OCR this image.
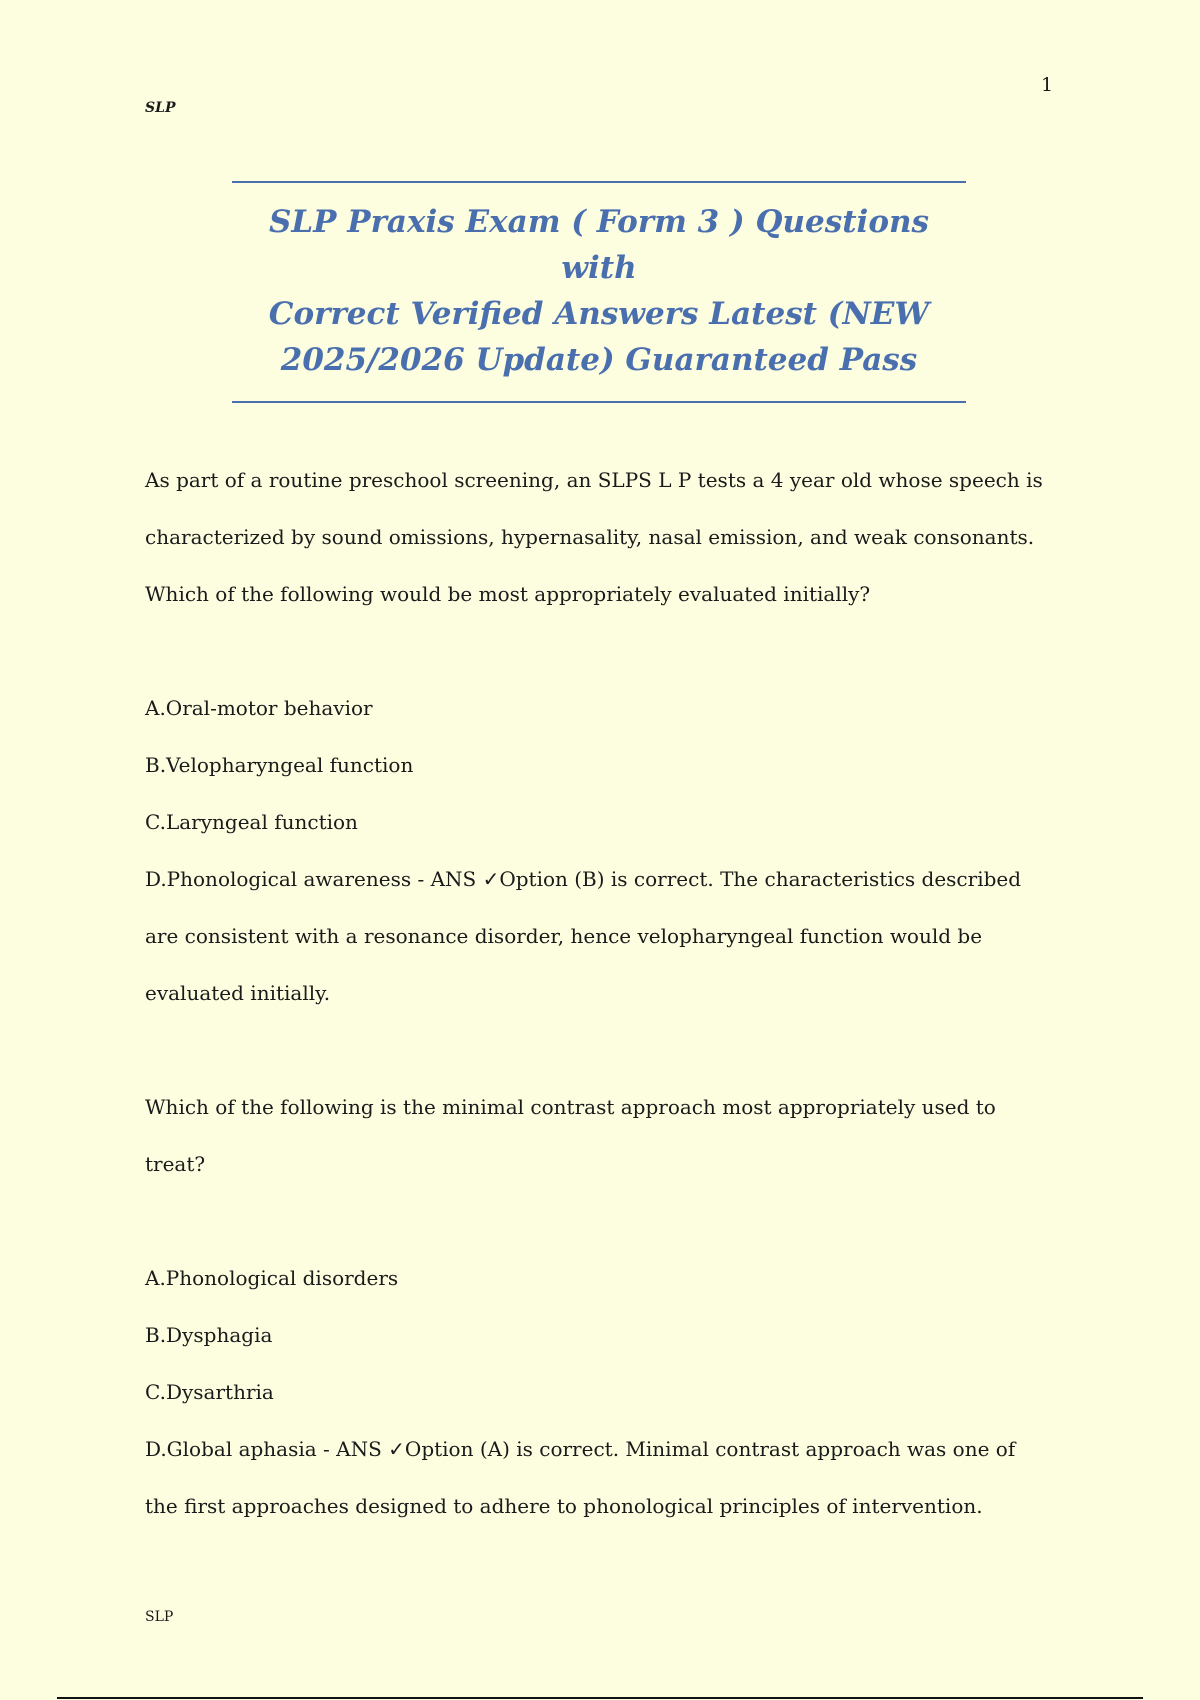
1
SLP

SLP Praxis Exam ( Form 3 ) Questions with
Correct Verified Answers Latest (NEW
2025/2026 Update) Guaranteed Pass

As part of a routine preschool screening, an SLPS L P tests a 4 year old whose speech is

characterized by sound omissions, hypernasality, nasal emission, and weak consonants.

Which of the following would be most appropriately evaluated initially?

A.Oral-motor behavior

B.Velopharyngeal function

C.Laryngeal function

D.Phonological awareness - ANS ✓Option (B) is correct. The characteristics described

are consistent with a resonance disorder, hence velopharyngeal function would be

evaluated initially.

Which of the following is the minimal contrast approach most appropriately used to

treat?

A.Phonological disorders

B.Dysphagia

C.Dysarthria

D.Global aphasia - ANS ✓Option (A) is correct. Minimal contrast approach was one of

the first approaches designed to adhere to phonological principles of intervention.

SLP
